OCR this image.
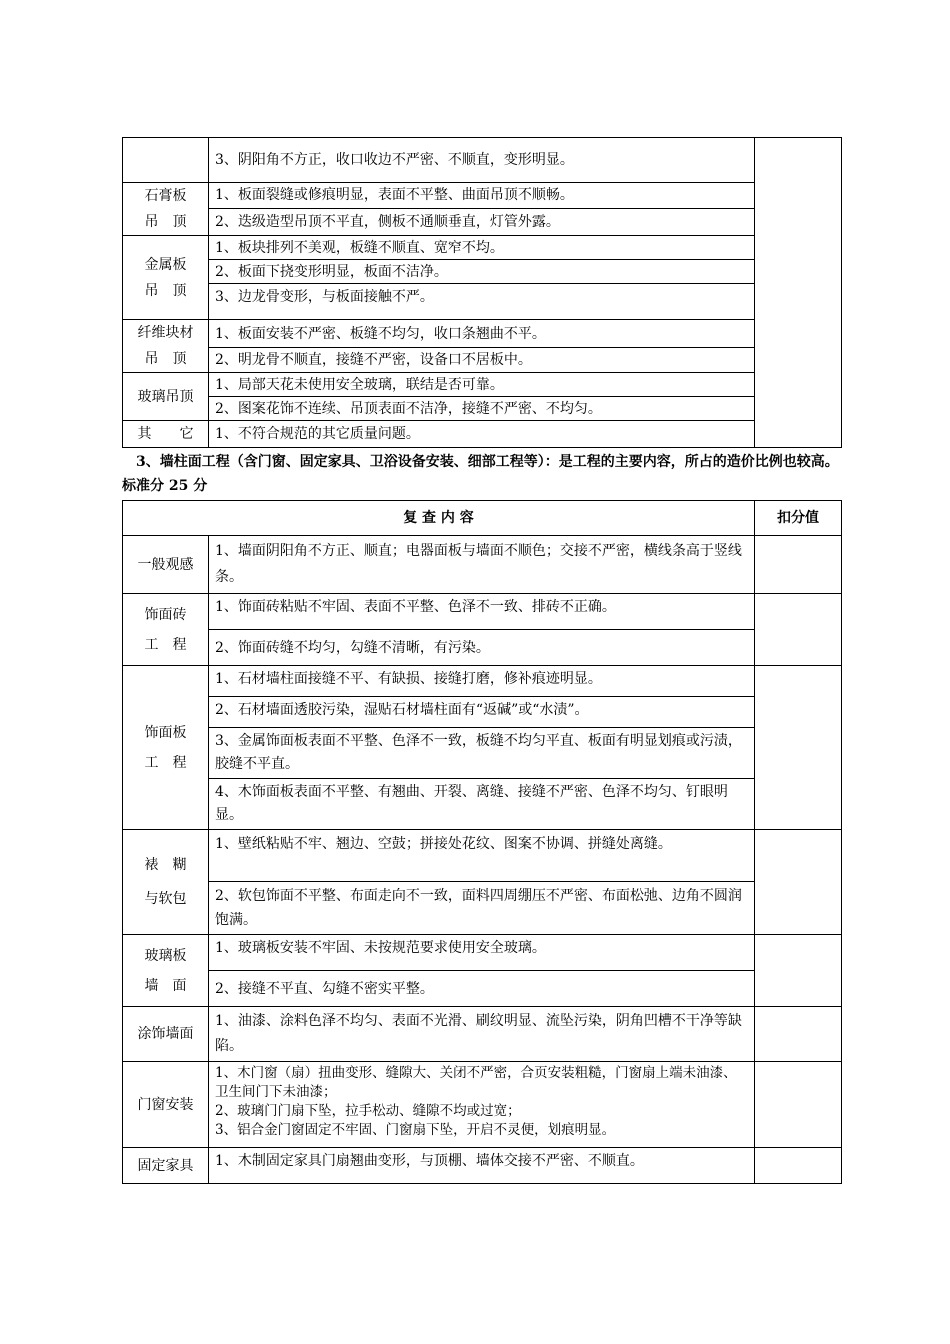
	3、阴阳角不方正，收口收边不严密、不顺直，变形明显。	

石膏板
吊　顶	1、板面裂缝或修痕明显，表面不平整、曲面吊顶不顺畅。	
	2、迭级造型吊顶不平直，侧板不通顺垂直，灯管外露。	

金属板
吊　顶	1、板块排列不美观，板缝不顺直、宽窄不均。	
	2、板面下挠变形明显，板面不洁净。	
	3、边龙骨变形，与板面接触不严。	

纤维块材
吊　顶	1、板面安装不严密、板缝不均匀，收口条翘曲不平。	
	2、明龙骨不顺直，接缝不严密，设备口不居板中。	

玻璃吊顶	1、局部天花未使用安全玻璃，联结是否可靠。	
	2、图案花饰不连续、吊顶表面不洁净，接缝不严密、不均匀。	

其　　它	1、不符合规范的其它质量问题。	
3、墙柱面工程（含门窗、固定家具、卫浴设备安装、细部工程等）：是工程的主要内容，所占的造价比例也较高。标准分 25 分
复 查 内 容		扣分值

一般观感	1、墙面阴阳角不方正、顺直；电器面板与墙面不顺色；交接不严密，横线条高于竖线条。	

饰面砖
工　程	1、饰面砖粘贴不牢固、表面不平整、色泽不一致、排砖不正确。	
	2、饰面砖缝不均匀，勾缝不清晰，有污染。	

饰面板
工　程	1、石材墙柱面接缝不平、有缺损、接缝打磨，修补痕迹明显。	
	2、石材墙面透胶污染，湿贴石材墙柱面有“返碱”或“水渍”。	
	3、金属饰面板表面不平整、色泽不一致，板缝不均匀平直、板面有明显划痕或污渍，胶缝不平直。	
	4、木饰面板表面不平整、有翘曲、开裂、离缝、接缝不严密、色泽不均匀、钉眼明显。	

裱　糊
与软包	1、壁纸粘贴不牢、翘边、空鼓；拼接处花纹、图案不协调、拼缝处离缝。	
	2、软包饰面不平整、布面走向不一致，面料四周绷压不严密、布面松弛、边角不圆润饱满。	

玻璃板
墙　面	1、玻璃板安装不牢固、未按规范要求使用安全玻璃。	
	2、接缝不平直、勾缝不密实平整。	

涂饰墙面	1、油漆、涂料色泽不均匀、表面不光滑、刷纹明显、流坠污染，阴角凹槽不干净等缺陷。	

门窗安装	1、木门窗（扇）扭曲变形、缝隙大、关闭不严密，合页安装粗糙，门窗扇上端未油漆、卫生间门下未油漆；
2、玻璃门门扇下坠，拉手松动、缝隙不均或过宽；
3、铝合金门窗固定不牢固、门窗扇下坠，开启不灵便，划痕明显。	

固定家具	1、木制固定家具门扇翘曲变形，与顶棚、墙体交接不严密、不顺直。	
